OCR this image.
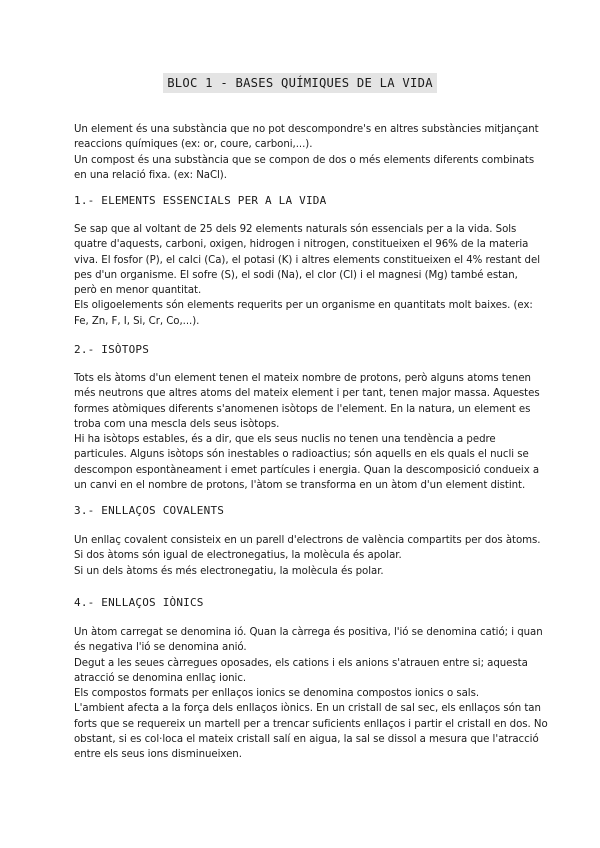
BLOC 1 - BASES QUÍMIQUES DE LA VIDA

Un element és una substància que no pot descompondre's en altres substàncies mitjançant

reaccions químiques (ex: or, coure, carboni,...).

Un compost és una substància que se compon de dos o més elements diferents combinats

en una relació fixa. (ex: NaCl).

1.- ELEMENTS ESSENCIALS PER A LA VIDA

Se sap que al voltant de 25 dels 92 elements naturals són essencials per a la vida. Sols

quatre d'aquests, carboni, oxigen, hidrogen i nitrogen, constitueixen el 96% de la materia

viva. El fosfor (P), el calci (Ca), el potasi (K) i altres elements constitueixen el 4% restant del

pes d'un organisme. El sofre (S), el sodi (Na), el clor (Cl) i el magnesi (Mg) també estan,

però en menor quantitat.

Els oligoelements són elements requerits per un organisme en quantitats molt baixes. (ex:

Fe, Zn, F, I, Si, Cr, Co,...).

2.- ISÒTOPS

Tots els àtoms d'un element tenen el mateix nombre de protons, però alguns atoms tenen

més neutrons que altres atoms del mateix element i per tant, tenen major massa. Aquestes

formes atòmiques diferents s'anomenen isòtops de l'element. En la natura, un element es

troba com una mescla dels seus isòtops.

Hi ha isòtops estables, és a dir, que els seus nuclis no tenen una tendència a pedre

particules. Alguns isòtops són inestables o radioactius; són aquells en els quals el nucli se

descompon espontàneament i emet partícules i energia. Quan la descomposició condueix a

un canvi en el nombre de protons, l'àtom se transforma en un àtom d'un element distint.

3.- ENLLAÇOS COVALENTS

Un enllaç covalent consisteix en un parell d'electrons de valència compartits per dos àtoms.

Si dos àtoms són igual de electronegatius, la molècula és apolar.

Si un dels àtoms és més electronegatiu, la molècula és polar.

4.- ENLLAÇOS IÒNICS

Un àtom carregat se denomina ió. Quan la càrrega és positiva, l'ió se denomina catió; i quan

és negativa l'ió se denomina anió.

Degut a les seues càrregues oposades, els cations i els anions s'atrauen entre si; aquesta

atracció se denomina enllaç ionic.

Els compostos formats per enllaços ionics se denomina compostos ionics o sals.

L'ambient afecta a la força dels enllaços iònics. En un cristall de sal sec, els enllaços són tan

forts que se requereix un martell per a trencar suficients enllaços i partir el cristall en dos. No

obstant, si es col·loca el mateix cristall salí en aigua, la sal se dissol a mesura que l'atracció

entre els seus ions disminueixen.
